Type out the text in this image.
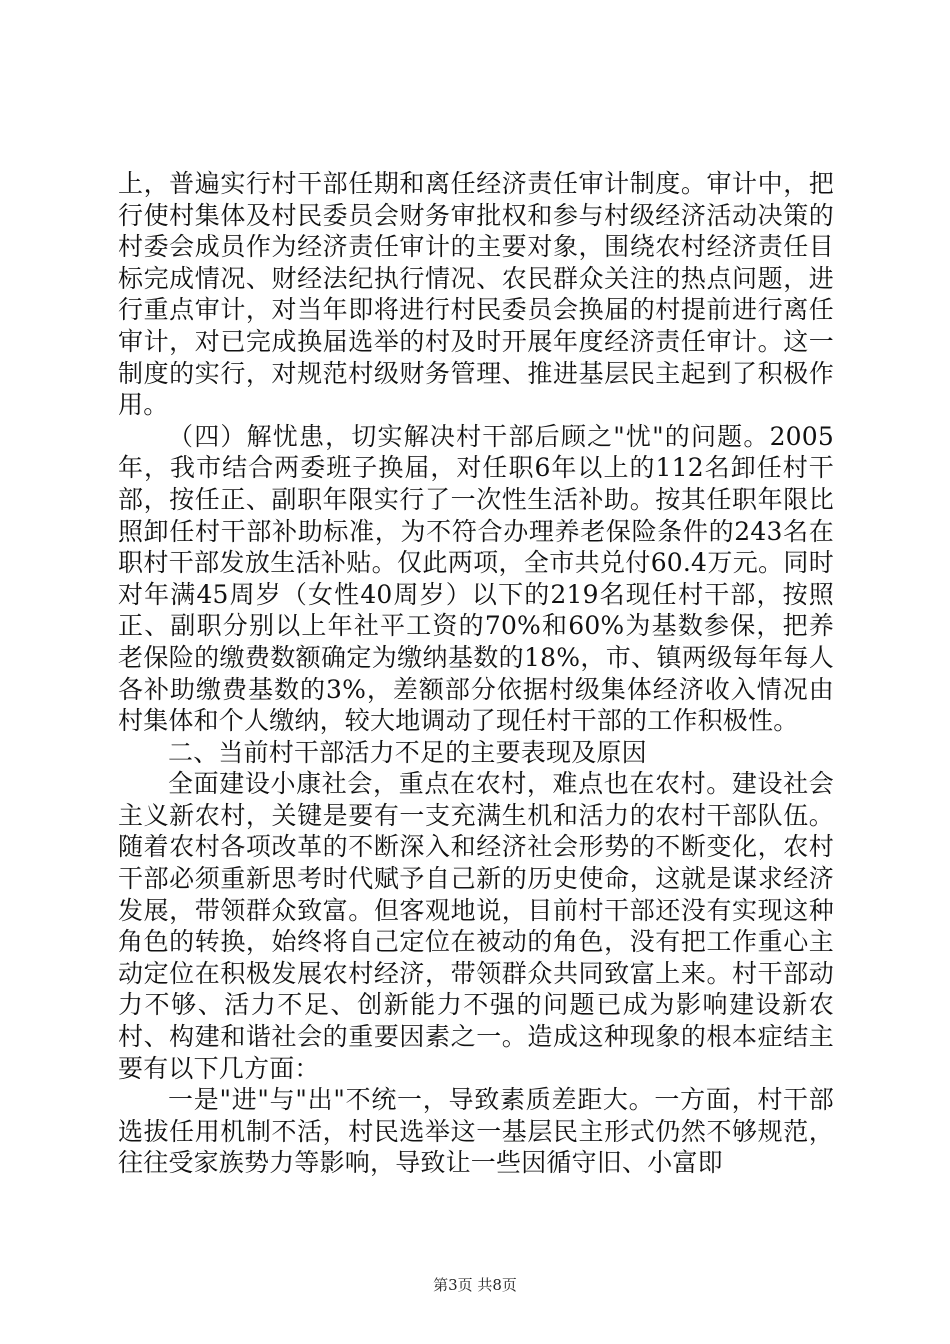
上，普遍实行村干部任期和离任经济责任审计制度。审计中，把行使村集体及村民委员会财务审批权和参与村级经济活动决策的村委会成员作为经济责任审计的主要对象，围绕农村经济责任目标完成情况、财经法纪执行情况、农民群众关注的热点问题，进行重点审计，对当年即将进行村民委员会换届的村提前进行离任审计，对已完成换届选举的村及时开展年度经济责任审计。这一制度的实行，对规范村级财务管理、推进基层民主起到了积极作用。

（四）解忧患，切实解决村干部后顾之"忧"的问题。2005年，我市结合两委班子换届，对任职6年以上的112名卸任村干部，按任正、副职年限实行了一次性生活补助。按其任职年限比照卸任村干部补助标准，为不符合办理养老保险条件的243名在职村干部发放生活补贴。仅此两项，全市共兑付60.4万元。同时对年满45周岁（女性40周岁）以下的219名现任村干部，按照正、副职分别以上年社平工资的70%和60%为基数参保，把养老保险的缴费数额确定为缴纳基数的18%，市、镇两级每年每人各补助缴费基数的3%，差额部分依据村级集体经济收入情况由村集体和个人缴纳，较大地调动了现任村干部的工作积极性。

二、当前村干部活力不足的主要表现及原因

全面建设小康社会，重点在农村，难点也在农村。建设社会主义新农村，关键是要有一支充满生机和活力的农村干部队伍。随着农村各项改革的不断深入和经济社会形势的不断变化，农村干部必须重新思考时代赋予自己新的历史使命，这就是谋求经济发展，带领群众致富。但客观地说，目前村干部还没有实现这种角色的转换，始终将自己定位在被动的角色，没有把工作重心主动定位在积极发展农村经济，带领群众共同致富上来。村干部动力不够、活力不足、创新能力不强的问题已成为影响建设新农村、构建和谐社会的重要因素之一。造成这种现象的根本症结主要有以下几方面：

一是"进"与"出"不统一，导致素质差距大。一方面，村干部选拔任用机制不活，村民选举这一基层民主形式仍然不够规范，往往受家族势力等影响，导致让一些因循守旧、小富即

第3页 共8页
